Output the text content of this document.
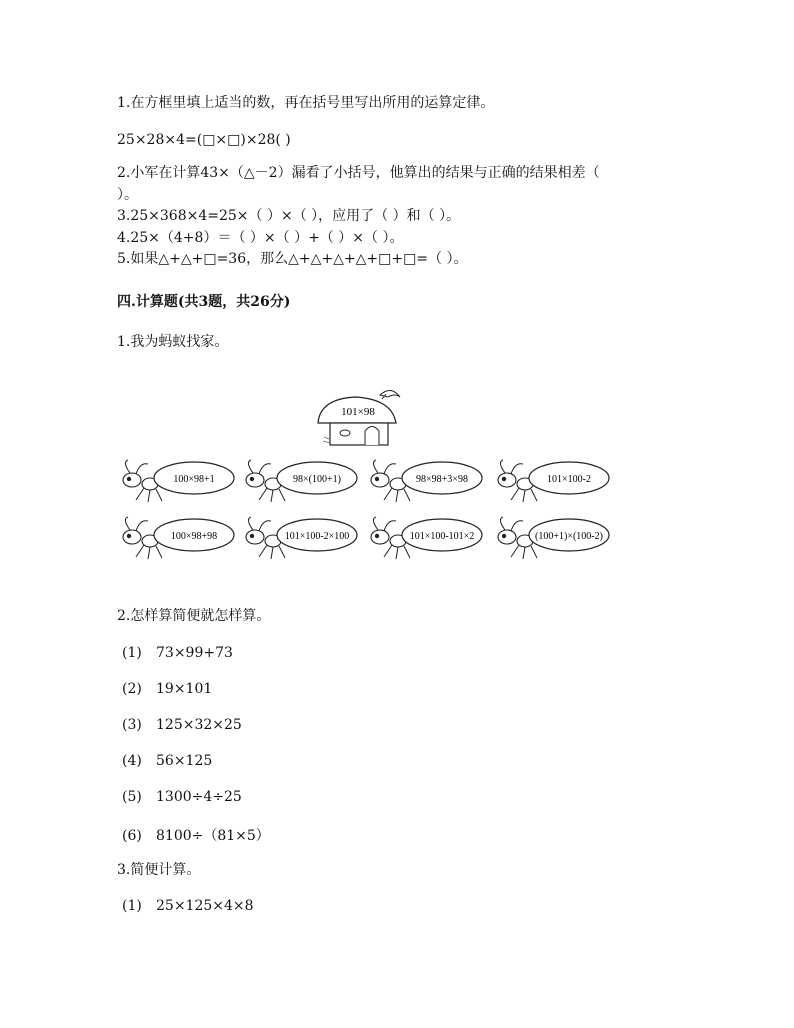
1.在方框里填上适当的数，再在括号里写出所用的运算定律。
25×28×4=(□×□)×28( )
2.小军在计算43×（△－2）漏看了小括号，他算出的结果与正确的结果相差（
）。
3.25×368×4=25×（ ）×（ ），应用了（ ）和（ ）。
4.25×（4+8）＝（ ）×（ ）+（ ）×（ ）。
5.如果△+△+□=36，那么△+△+△+△+□+□=（ ）。
四.计算题(共3题，共26分)
1.我为蚂蚁找家。
101×98
100×98+1	98×(100+1)	98×98+3×98	101×100-2
100×98+98	101×100-2×100	101×100-101×2	(100+1)×(100-2)
2.怎样算简便就怎样算。
(1) 73×99+73
(2) 19×101
(3) 125×32×25
(4) 56×125
(5) 1300÷4÷25
(6) 8100÷（81×5）
3.简便计算。
(1) 25×125×4×8
